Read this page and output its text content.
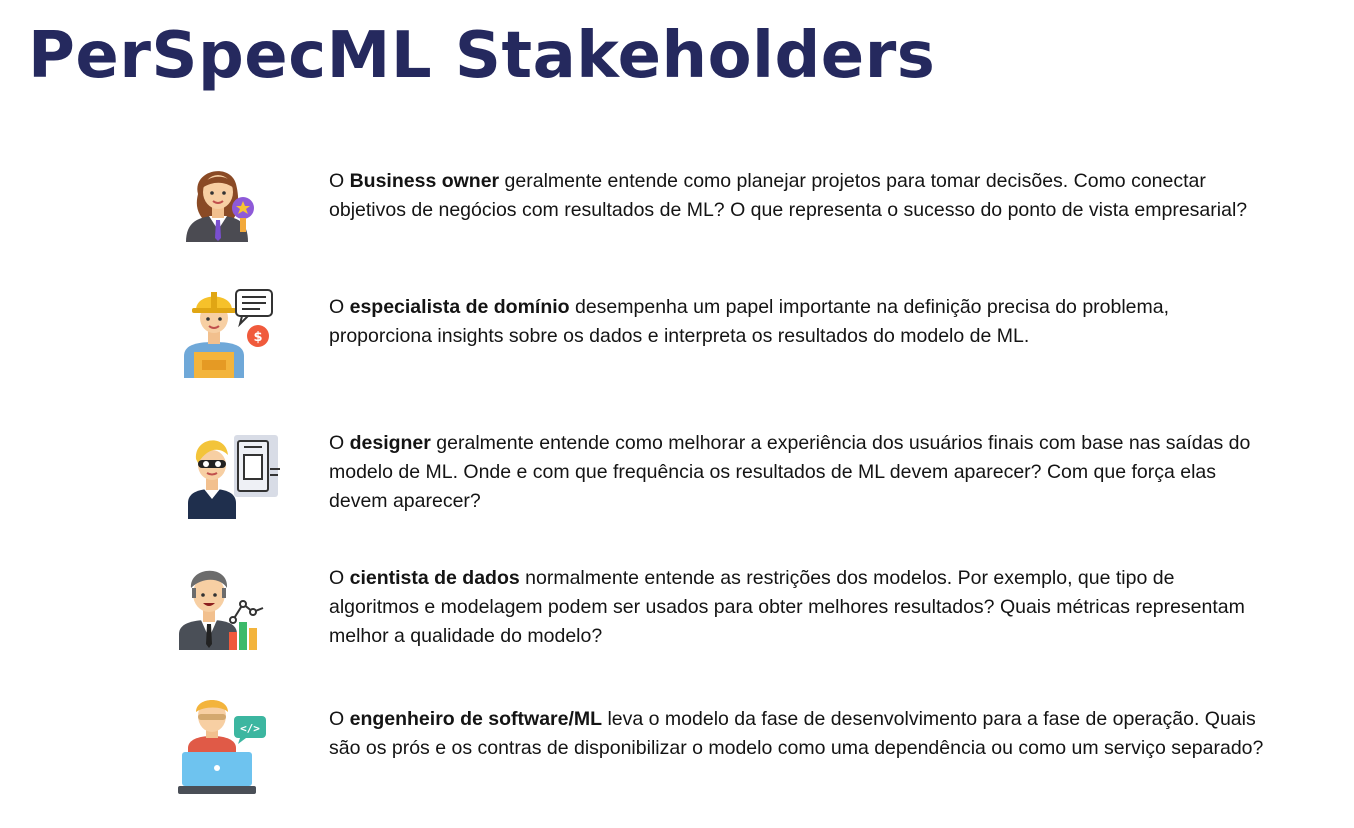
PerSpecML Stakeholders
O Business owner geralmente entende como planejar projetos para tomar decisões. Como conectar objetivos de negócios com resultados de ML? O que representa o sucesso do ponto de vista empresarial?
$
O especialista de domínio desempenha um papel importante na definição precisa do problema, proporciona insights sobre os dados e interpreta os resultados do modelo de ML.
O designer geralmente entende como melhorar a experiência dos usuários finais com base nas saídas do modelo de ML. Onde e com que frequência os resultados de ML devem aparecer? Com que força elas devem aparecer?
O cientista de dados normalmente entende as restrições dos modelos. Por exemplo, que tipo de algoritmos e modelagem podem ser usados para obter melhores resultados? Quais métricas representam melhor a qualidade do modelo?
</>	O engenheiro de software/ML leva o modelo da fase de desenvolvimento para a fase de operação. Quais são os prós e os contras de disponibilizar o modelo como uma dependência ou como um serviço separado?
